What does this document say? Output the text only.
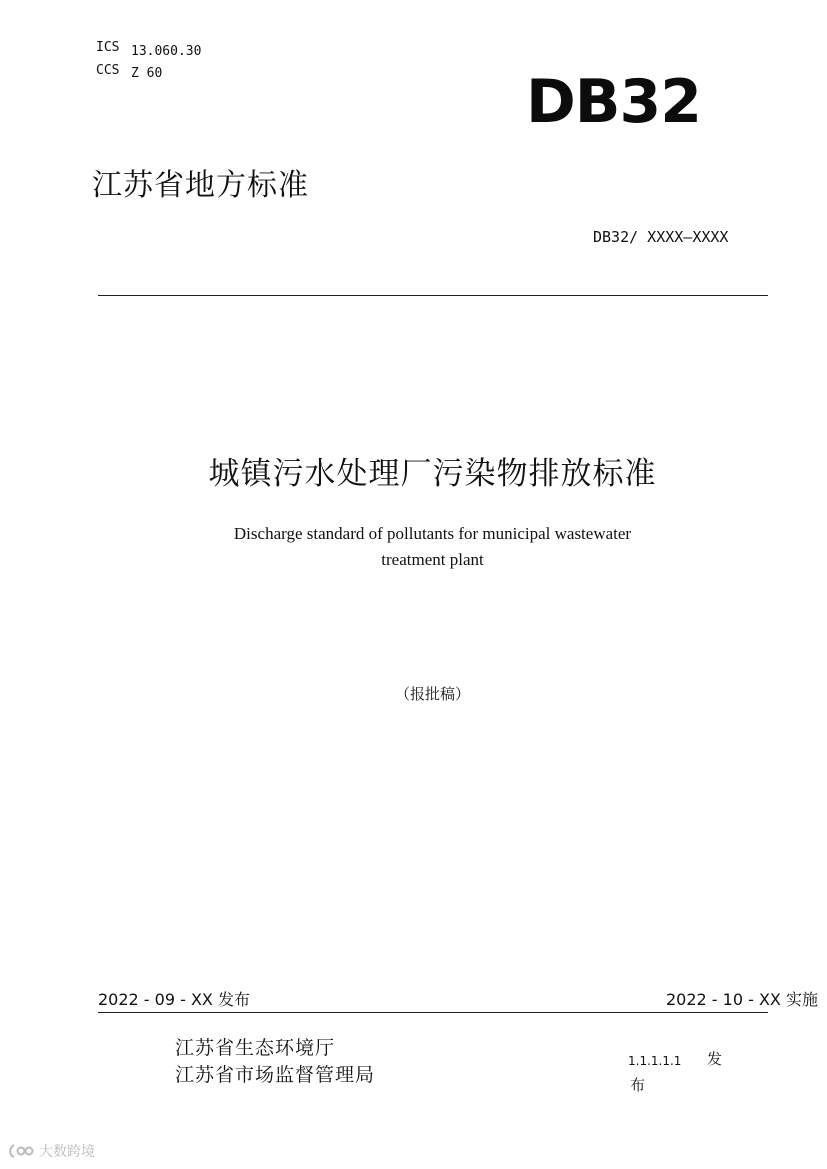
ICS 13.060.30
CCS Z 60	DB32
江苏省地方标准
DB32/ XXXX—XXXX
城镇污水处理厂污染物排放标准
Discharge standard of pollutants for municipal wastewater
treatment plant
（报批稿）
2022 - 09 - XX 发布	2022 - 10 - XX 实施
江苏省生态环境厅
江苏省市场监督管理局
1.1.1.1.1 发
布
大数跨境
